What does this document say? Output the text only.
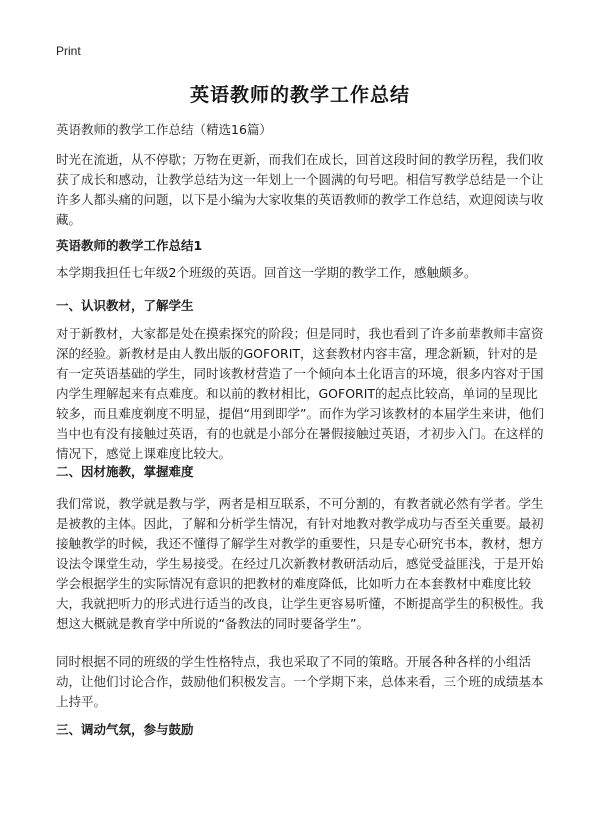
Print
英语教师的教学工作总结
英语教师的教学工作总结（精选16篇）

时光在流逝，从不停歇；万物在更新，而我们在成长，回首这段时间的教学历程，我们收获了成长和感动，让教学总结为这一年划上一个圆满的句号吧。相信写教学总结是一个让许多人都头痛的问题，以下是小编为大家收集的英语教师的教学工作总结，欢迎阅读与收藏。

英语教师的教学工作总结1

本学期我担任七年级2个班级的英语。回首这一学期的教学工作，感触颇多。

一、认识教材，了解学生

对于新教材，大家都是处在摸索探究的阶段；但是同时，我也看到了许多前辈教师丰富资深的经验。新教材是由人教出版的GOFORIT，这套教材内容丰富，理念新颖，针对的是有一定英语基础的学生，同时该教材营造了一个倾向本土化语言的环境，很多内容对于国内学生理解起来有点难度。和以前的教材相比，GOFORIT的起点比较高，单词的呈现比较多，而且难度剃度不明显，提倡“用到即学”。而作为学习该教材的本届学生来讲，他们当中也有没有接触过英语，有的也就是小部分在暑假接触过英语，才初步入门。在这样的情况下，感觉上课难度比较大。

二、因材施教，掌握难度

我们常说，教学就是教与学，两者是相互联系，不可分割的，有教者就必然有学者。学生是被教的主体。因此，了解和分析学生情况，有针对地教对教学成功与否至关重要。最初接触教学的时候，我还不懂得了解学生对教学的重要性，只是专心研究书本，教材，想方设法令课堂生动，学生易接受。在经过几次新教材教研活动后，感觉受益匪浅，于是开始学会根据学生的实际情况有意识的把教材的难度降低，比如听力在本套教材中难度比较大，我就把听力的形式进行适当的改良，让学生更容易听懂，不断提高学生的积极性。我想这大概就是教育学中所说的“备教法的同时要备学生”。

同时根据不同的班级的学生性格特点，我也采取了不同的策略。开展各种各样的小组活动，让他们讨论合作，鼓励他们积极发言。一个学期下来，总体来看，三个班的成绩基本上持平。

三、调动气氛，参与鼓励
